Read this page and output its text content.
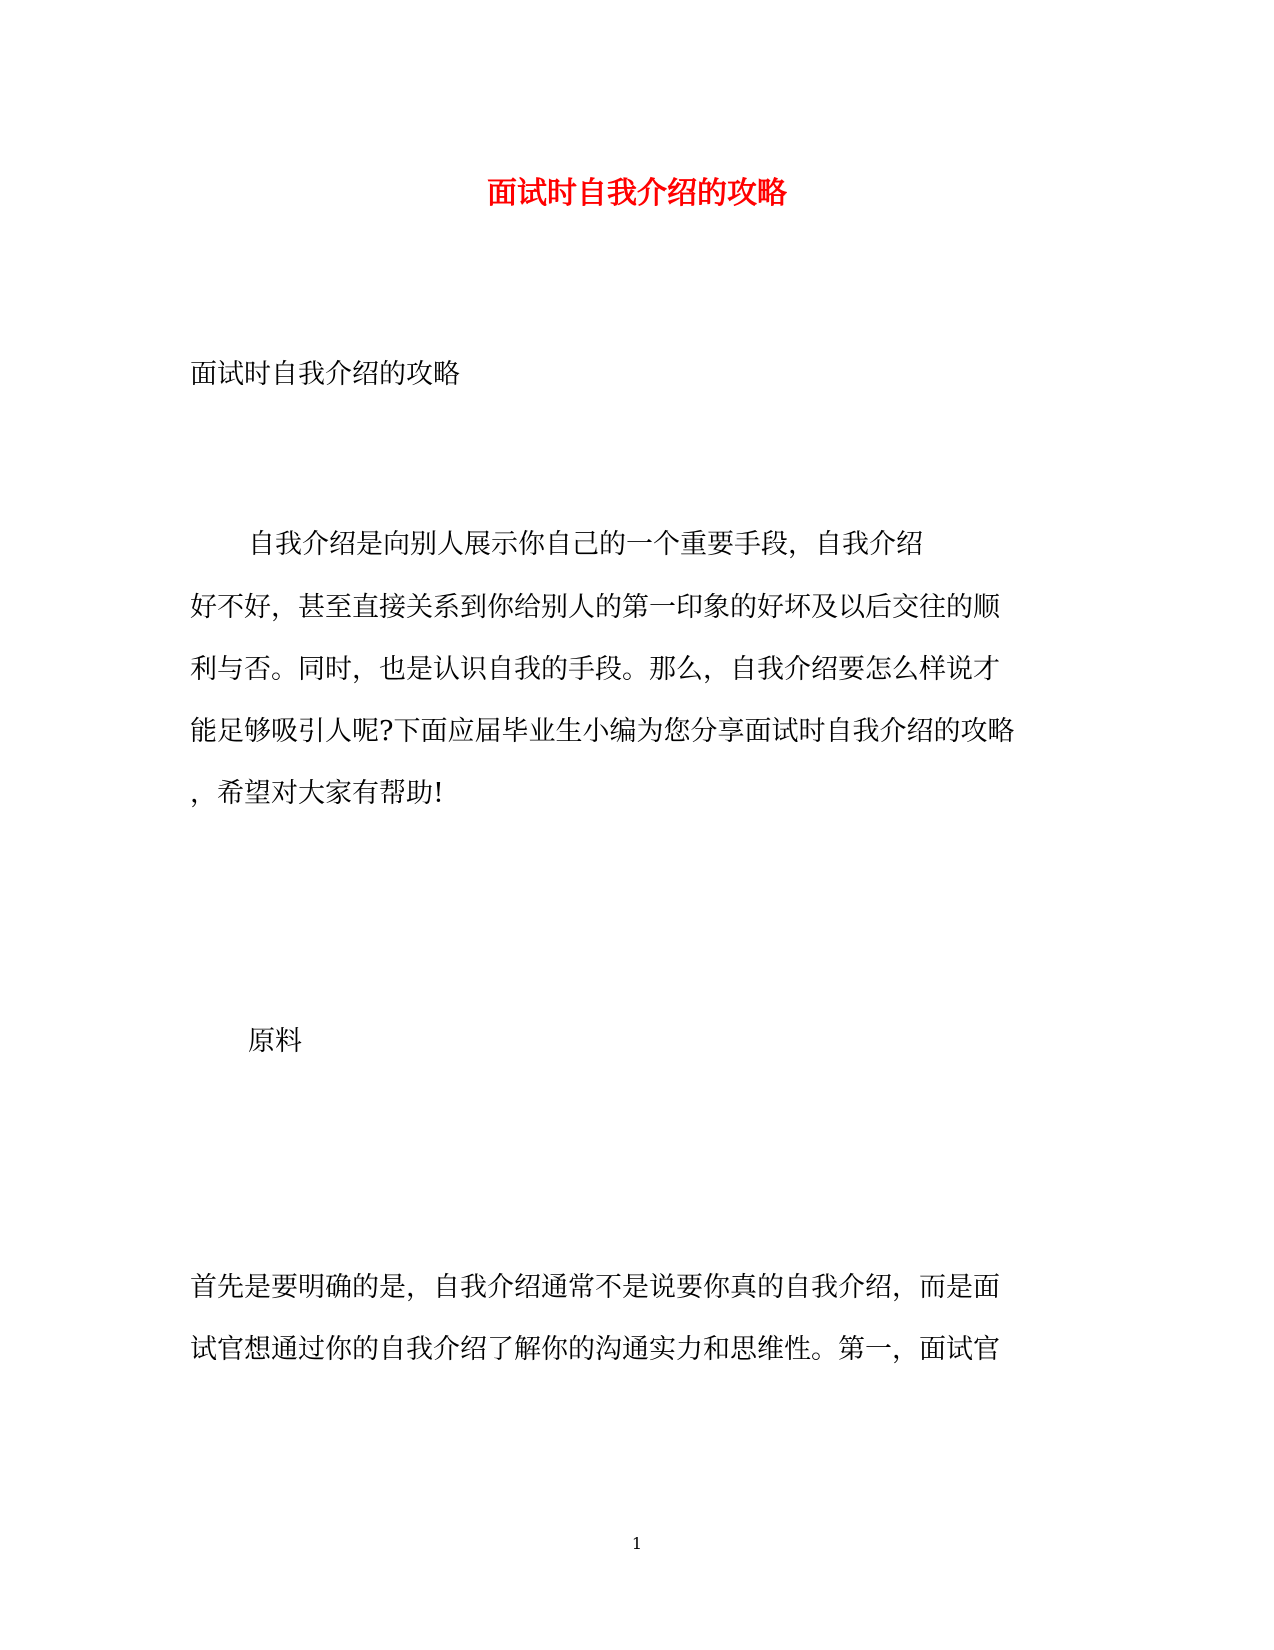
面试时自我介绍的攻略

面试时自我介绍的攻略

自我介绍是向别人展示你自己的一个重要手段，自我介绍

好不好，甚至直接关系到你给别人的第一印象的好坏及以后交往的顺

利与否。同时，也是认识自我的手段。那么，自我介绍要怎么样说才

能足够吸引人呢?下面应届毕业生小编为您分享面试时自我介绍的攻略

，希望对大家有帮助!

原料

首先是要明确的是，自我介绍通常不是说要你真的自我介绍，而是面

试官想通过你的自我介绍了解你的沟通实力和思维性。第一，面试官

1
